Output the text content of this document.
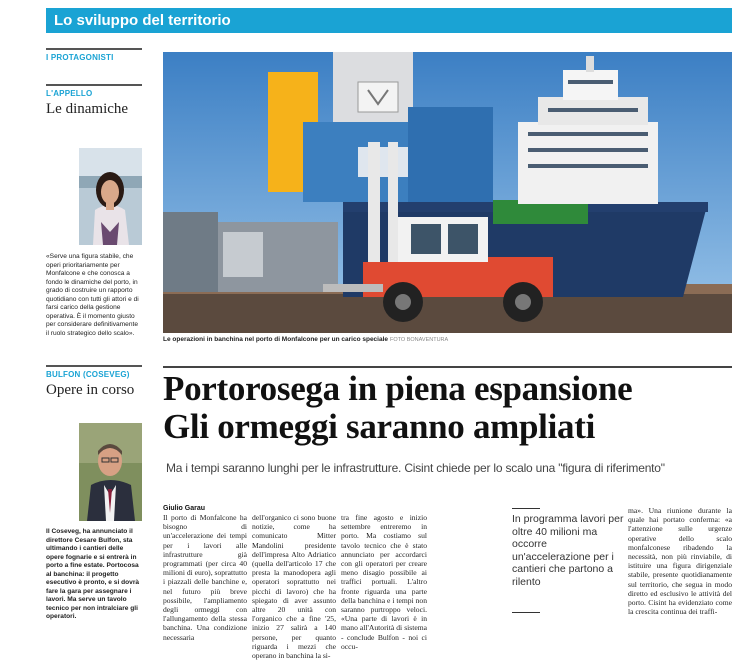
Lo sviluppo del territorio
I PROTAGONISTI
L'APPELLO
Le dinamiche
«Serve una figura stabile, che operi prioritariamente per Monfalcone e che conosca a fondo le dinamiche del porto, in grado di costruire un rapporto quotidiano con tutti gli attori e di farsi carico della gestione operativa. È il momento giusto per considerare definitivamente il ruolo strategico dello scalo».
BULFON (COSEVEG)
Opere in corso
Il Coseveg, ha annunciato il direttore Cesare Bulfon, sta ultimando i cantieri delle opere fognarie e si entrerà in porto a fine estate. Portocosa al banchina: il progetto esecutivo è pronto, e si dovrà fare la gara per assegnare i lavori. Ma serve un tavolo tecnico per non intralciare gli operatori.
Le operazioni in banchina nel porto di Monfalcone per un carico speciale FOTO BONAVENTURA
Portorosega in piena espansione
Gli ormeggi saranno ampliati
Ma i tempi saranno lunghi per le infrastrutture. Cisint chiede per lo scalo una "figura di riferimento"
Giulio Garau
Il porto di Monfalcone ha bisogno di un'accelerazione dei tempi per i lavori alle infrastrutture già programmati (per circa 40 milioni di euro), soprattutto i piazzali delle banchine e, nel futuro più breve possibile, l'ampliamento degli ormeggi con l'allungamento della stessa banchina. Una condizione necessaria
dell'organico ci sono buone notizie, come ha comunicato Mitter Mandolini presidente dell'impresa Alto Adriatico (quella dell'articolo 17 che presta la manodopera agli operatori soprattutto nei picchi di lavoro) che ha spiegato di aver assunto altre 20 unità con l'organico che a fine '25, inizio 27 salirà a 140 persone, per quanto riguarda i mezzi che operano in banchina la si-
tra fine agosto e inizio settembre entreremo in porto. Ma costiamo sul tavolo tecnico che è stato annunciato per accordarci con gli operatori per creare meno disagio possibile ai traffici portuali. L'altro fronte riguarda una parte della banchina e i tempi non saranno purtroppo veloci. «Una parte di lavori è in mano all'Autorità di sistema - conclude Bulfon - noi ci occu-
In programma lavori per oltre 40 milioni ma occorre un'accelerazione per i cantieri che partono a rilento
ma». Una riunione durante la quale hai portato conferma: «a l'attenzione sulle urgenze operative dello scalo monfalconese ribadendo la necessità, non più rinviabile, di istituire una figura dirigenziale stabile, presente quotidianamente sul territorio, che segua in modo diretto ed esclusivo le attività del porto. Cisint ha evidenziato come la crescita continua dei traffi-
